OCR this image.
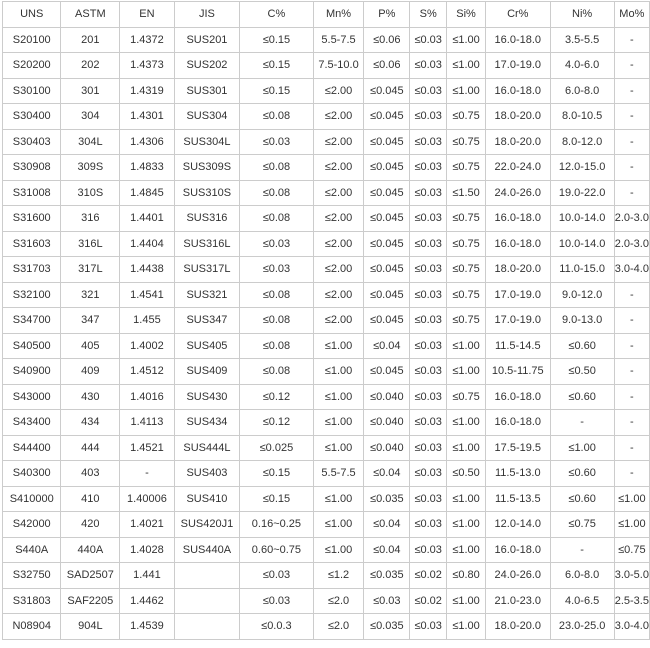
UNS	ASTM	EN	JIS	C%	Mn%	P%	S%	Si%	Cr%	Ni%	Mo%
S20100	201	1.4372	SUS201	≤0.15	5.5-7.5	≤0.06	≤0.03	≤1.00	16.0-18.0	3.5-5.5	-
S20200	202	1.4373	SUS202	≤0.15	7.5-10.0	≤0.06	≤0.03	≤1.00	17.0-19.0	4.0-6.0	-
S30100	301	1.4319	SUS301	≤0.15	≤2.00	≤0.045	≤0.03	≤1.00	16.0-18.0	6.0-8.0	-
S30400	304	1.4301	SUS304	≤0.08	≤2.00	≤0.045	≤0.03	≤0.75	18.0-20.0	8.0-10.5	-
S30403	304L	1.4306	SUS304L	≤0.03	≤2.00	≤0.045	≤0.03	≤0.75	18.0-20.0	8.0-12.0	-
S30908	309S	1.4833	SUS309S	≤0.08	≤2.00	≤0.045	≤0.03	≤0.75	22.0-24.0	12.0-15.0	-
S31008	310S	1.4845	SUS310S	≤0.08	≤2.00	≤0.045	≤0.03	≤1.50	24.0-26.0	19.0-22.0	-
S31600	316	1.4401	SUS316	≤0.08	≤2.00	≤0.045	≤0.03	≤0.75	16.0-18.0	10.0-14.0	2.0-3.0
S31603	316L	1.4404	SUS316L	≤0.03	≤2.00	≤0.045	≤0.03	≤0.75	16.0-18.0	10.0-14.0	2.0-3.0
S31703	317L	1.4438	SUS317L	≤0.03	≤2.00	≤0.045	≤0.03	≤0.75	18.0-20.0	11.0-15.0	3.0-4.0
S32100	321	1.4541	SUS321	≤0.08	≤2.00	≤0.045	≤0.03	≤0.75	17.0-19.0	9.0-12.0	-
S34700	347	1.455	SUS347	≤0.08	≤2.00	≤0.045	≤0.03	≤0.75	17.0-19.0	9.0-13.0	-
S40500	405	1.4002	SUS405	≤0.08	≤1.00	≤0.04	≤0.03	≤1.00	11.5-14.5	≤0.60	-
S40900	409	1.4512	SUS409	≤0.08	≤1.00	≤0.045	≤0.03	≤1.00	10.5-11.75	≤0.50	-
S43000	430	1.4016	SUS430	≤0.12	≤1.00	≤0.040	≤0.03	≤0.75	16.0-18.0	≤0.60	-
S43400	434	1.4113	SUS434	≤0.12	≤1.00	≤0.040	≤0.03	≤1.00	16.0-18.0	-	-
S44400	444	1.4521	SUS444L	≤0.025	≤1.00	≤0.040	≤0.03	≤1.00	17.5-19.5	≤1.00	-
S40300	403	-	SUS403	≤0.15	5.5-7.5	≤0.04	≤0.03	≤0.50	11.5-13.0	≤0.60	-
S410000	410	1.40006	SUS410	≤0.15	≤1.00	≤0.035	≤0.03	≤1.00	11.5-13.5	≤0.60	≤1.00
S42000	420	1.4021	SUS420J1	0.16~0.25	≤1.00	≤0.04	≤0.03	≤1.00	12.0-14.0	≤0.75	≤1.00
S440A	440A	1.4028	SUS440A	0.60~0.75	≤1.00	≤0.04	≤0.03	≤1.00	16.0-18.0	-	≤0.75
S32750	SAD2507	1.441		≤0.03	≤1.2	≤0.035	≤0.02	≤0.80	24.0-26.0	6.0-8.0	3.0-5.0
S31803	SAF2205	1.4462		≤0.03	≤2.0	≤0.03	≤0.02	≤1.00	21.0-23.0	4.0-6.5	2.5-3.5
N08904	904L	1.4539		≤0.0.3	≤2.0	≤0.035	≤0.03	≤1.00	18.0-20.0	23.0-25.0	3.0-4.0
